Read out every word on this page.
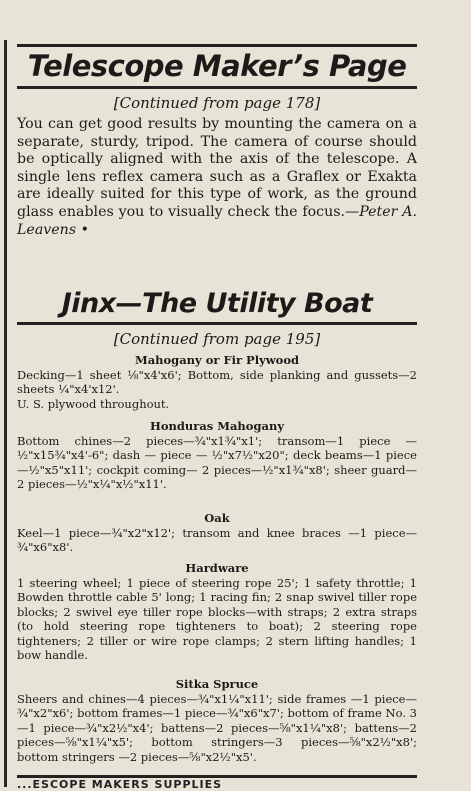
Telescope Maker’s Page
[Continued from page 178]
You can get good results by mounting the camera on a separate, sturdy, tripod. The camera of course should be optically aligned with the axis of the telescope. A single lens reflex camera such as a Graflex or Exakta are ideally suited for this type of work, as the ground glass enables you to visually check the focus.—Peter A. Leavens •
Jinx—The Utility Boat
[Continued from page 195]
Mahogany or Fir Plywood

Decking—1 sheet ⅛"x4'x6'; Bottom, side planking and gussets—2 sheets ¼"x4'x12'.

U. S. plywood throughout.

Honduras Mahogany

Bottom chines—2 pieces—¾"x1¾"x1'; transom—1 piece — ½"x15¾"x4'-6"; dash — piece — ½"x7½"x20"; deck beams—1 piece—½"x5"x11'; cockpit coming— 2 pieces—½"x1¾"x8'; sheer guard—2 pieces—½"x¼"x½"x11'.

Oak

Keel—1 piece—¾"x2"x12'; transom and knee braces —1 piece—¾"x6"x8'.

Hardware

1 steering wheel; 1 piece of steering rope 25'; 1 safety throttle; 1 Bowden throttle cable 5' long; 1 racing fin; 2 snap swivel tiller rope blocks; 2 swivel eye tiller rope blocks—with straps; 2 extra straps (to hold steering rope tighteners to boat); 2 steering rope tighteners; 2 tiller or wire rope clamps; 2 stern lifting handles; 1 bow handle.

Sitka Spruce

Sheers and chines—4 pieces—¾"x1¼"x11'; side frames —1 piece—¾"x2"x6'; bottom frames—1 piece—¾"x6"x7'; bottom of frame No. 3—1 piece—¾"x2½"x4'; battens—2 pieces—⅝"x1¼"x8'; battens—2 pieces—⅝"x1¼"x5'; bottom stringers—3 pieces—⅝"x2½"x8'; bottom stringers —2 pieces—⅝"x2½"x5'.

...ESCOPE MAKERS SUPPLIES
